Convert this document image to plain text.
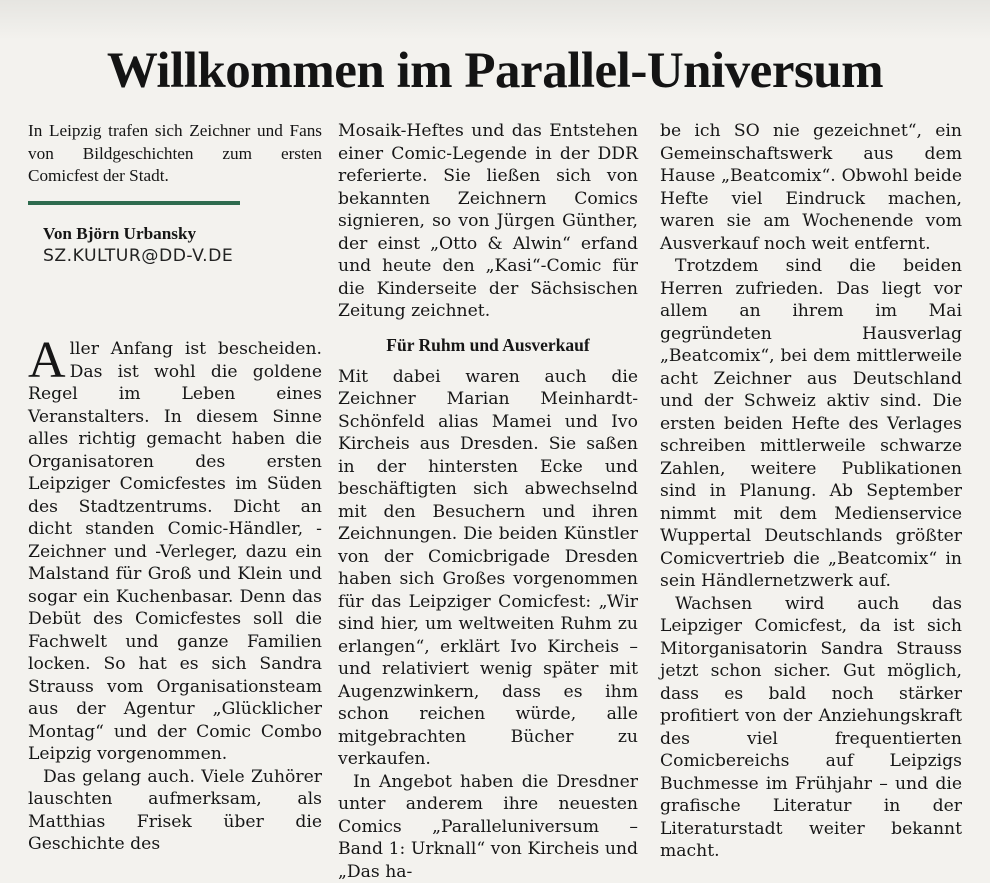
Willkommen im Parallel-Universum

In Leipzig trafen sich Zeichner und Fans von Bildgeschichten zum ersten Comicfest der Stadt.

Von Björn Urbansky

SZ.KULTUR@DD-V.DE

Aller Anfang ist bescheiden. Das ist wohl die goldene Regel im Leben eines Veranstalters. In diesem Sinne alles richtig gemacht haben die Organisatoren des ersten Leipziger Comicfestes im Süden des Stadtzentrums. Dicht an dicht standen Comic-Händler, -Zeichner und -Verleger, dazu ein Malstand für Groß und Klein und sogar ein Kuchenbasar. Denn das Debüt des Comicfestes soll die Fachwelt und ganze Familien locken. So hat es sich Sandra Strauss vom Organisationsteam aus der Agentur „Glücklicher Montag“ und der Comic Combo Leipzig vorgenommen.

Das gelang auch. Viele Zuhörer lauschten aufmerksam, als Matthias Frisek über die Geschichte des

Mosaik-Heftes und das Entstehen einer Comic-Legende in der DDR referierte. Sie ließen sich von bekannten Zeichnern Comics signieren, so von Jürgen Günther, der einst „Otto & Alwin“ erfand und heute den „Kasi“-Comic für die Kinderseite der Sächsischen Zeitung zeichnet.

Für Ruhm und Ausverkauf

Mit dabei waren auch die Zeichner Marian Meinhardt-Schönfeld alias Mamei und Ivo Kircheis aus Dresden. Sie saßen in der hintersten Ecke und beschäftigten sich abwechselnd mit den Besuchern und ihren Zeichnungen. Die beiden Künstler von der Comicbrigade Dresden haben sich Großes vorgenommen für das Leipziger Comicfest: „Wir sind hier, um weltweiten Ruhm zu erlangen“, erklärt Ivo Kircheis – und relativiert wenig später mit Augenzwinkern, dass es ihm schon reichen würde, alle mitgebrachten Bücher zu verkaufen.

In Angebot haben die Dresdner unter anderem ihre neuesten Comics „Paralleluniversum – Band 1: Urknall“ von Kircheis und „Das ha-

be ich SO nie gezeichnet“, ein Gemeinschaftswerk aus dem Hause „Beatcomix“. Obwohl beide Hefte viel Eindruck machen, waren sie am Wochenende vom Ausverkauf noch weit entfernt.

Trotzdem sind die beiden Herren zufrieden. Das liegt vor allem an ihrem im Mai gegründeten Hausverlag „Beatcomix“, bei dem mittlerweile acht Zeichner aus Deutschland und der Schweiz aktiv sind. Die ersten beiden Hefte des Verlages schreiben mittlerweile schwarze Zahlen, weitere Publikationen sind in Planung. Ab September nimmt mit dem Medienservice Wuppertal Deutschlands größter Comicvertrieb die „Beatcomix“ in sein Händlernetzwerk auf.

Wachsen wird auch das Leipziger Comicfest, da ist sich Mitorganisatorin Sandra Strauss jetzt schon sicher. Gut möglich, dass es bald noch stärker profitiert von der Anziehungskraft des viel frequentierten Comicbereichs auf Leipzigs Buchmesse im Frühjahr – und die grafische Literatur in der Literaturstadt weiter bekannt macht.
